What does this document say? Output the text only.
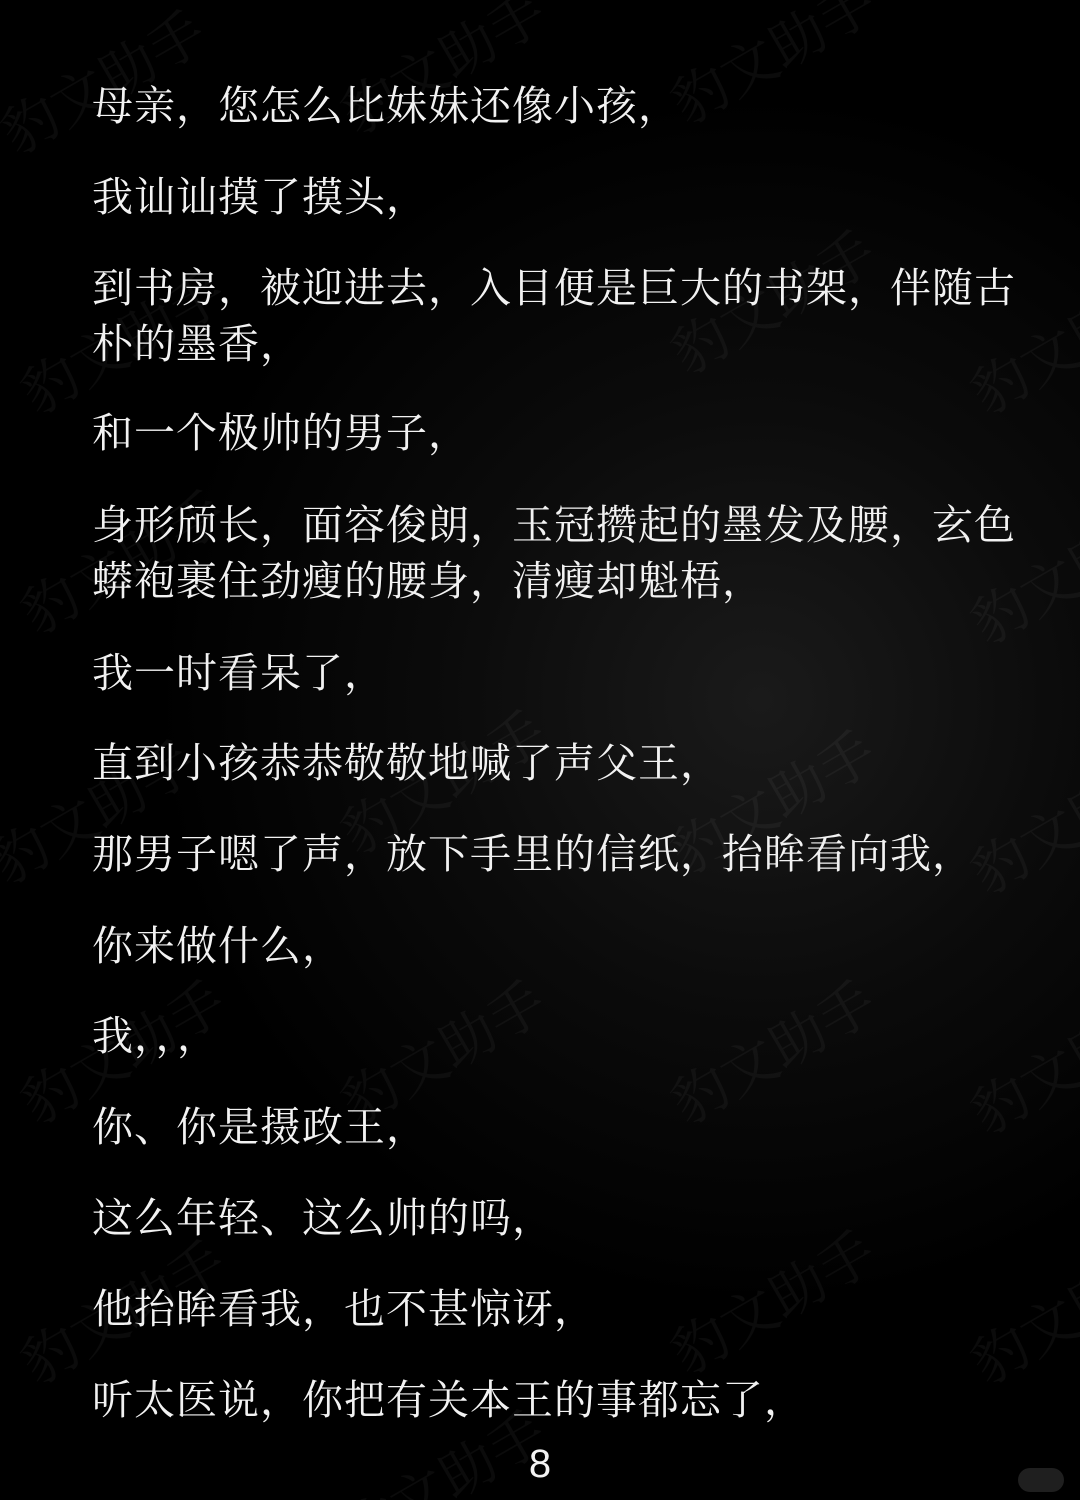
母亲，您怎么比妹妹还像小孩，

我讪讪摸了摸头，

到书房，被迎进去，入目便是巨大的书架，伴随古朴的墨香，

和一个极帅的男子，

身形颀长，面容俊朗，玉冠攒起的墨发及腰，玄色蟒袍裹住劲瘦的腰身，清瘦却魁梧，

我一时看呆了，

直到小孩恭恭敬敬地喊了声父王，

那男子嗯了声，放下手里的信纸，抬眸看向我，

你来做什么，

我，，，

你、你是摄政王，

这么年轻、这么帅的吗，

他抬眸看我，也不甚惊讶，

听太医说，你把有关本王的事都忘了，

8
